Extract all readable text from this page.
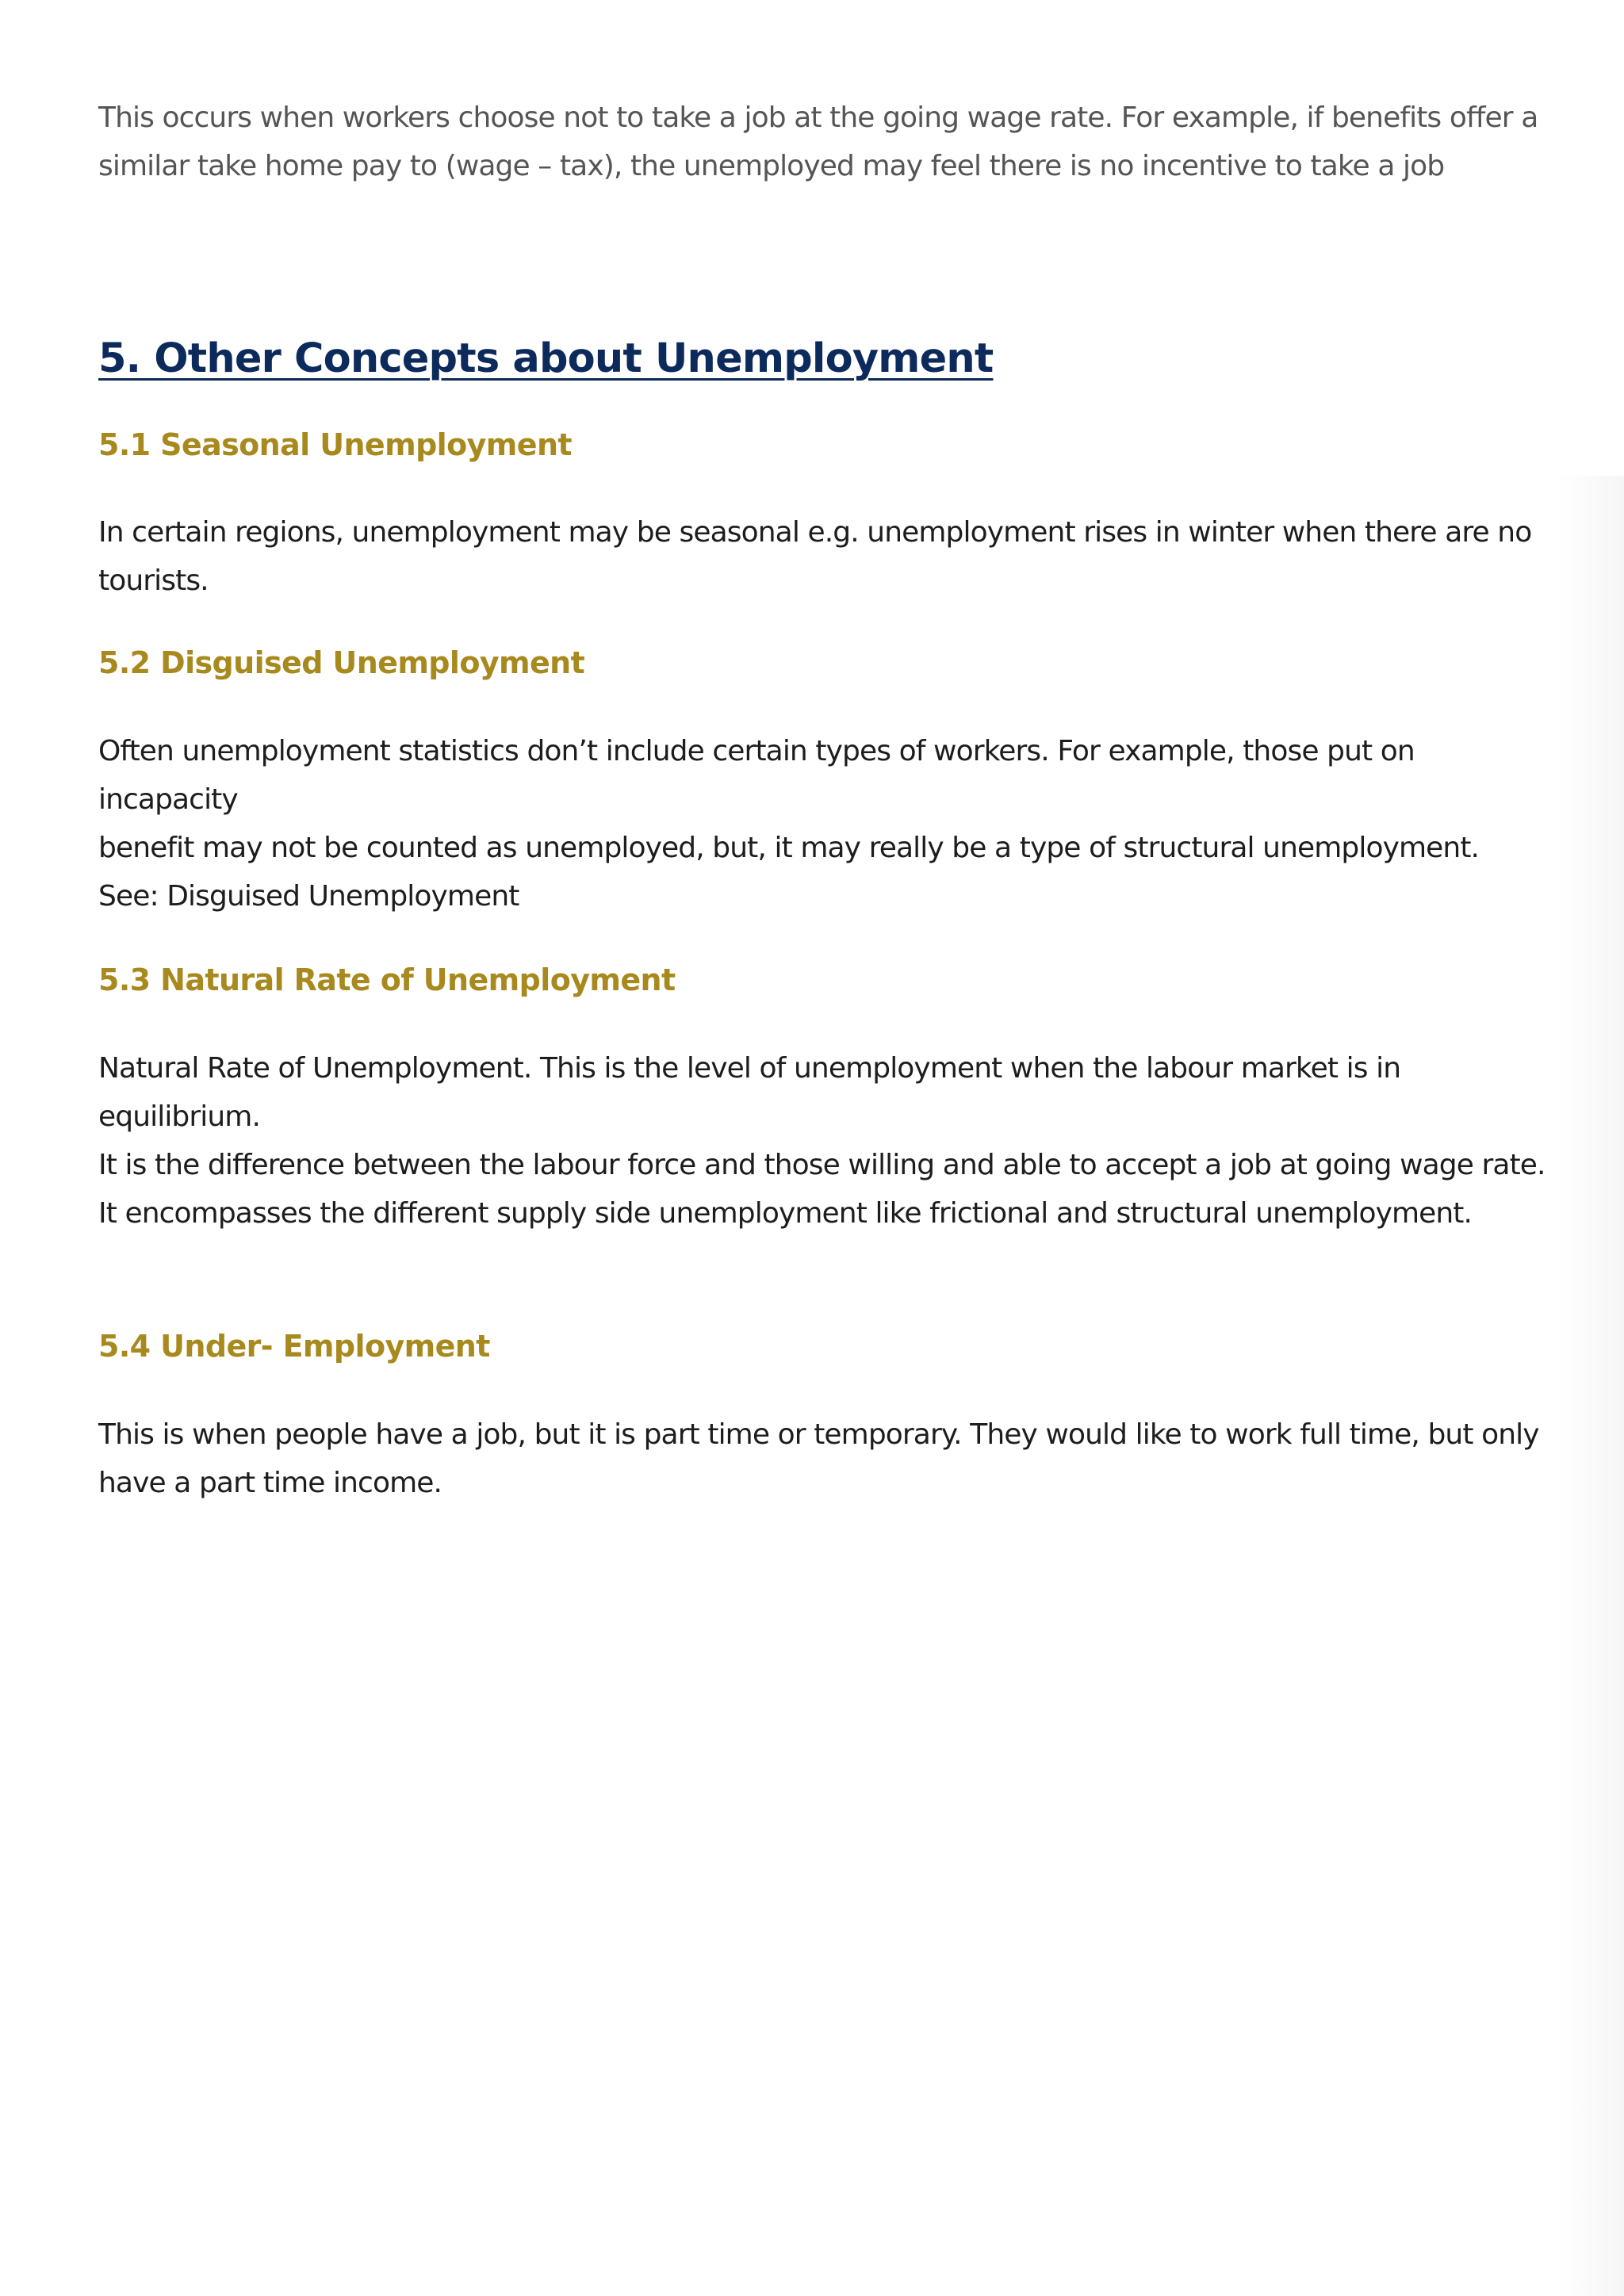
This occurs when workers choose not to take a job at the going wage rate. For example, if benefits offer a
similar take home pay to (wage – tax), the unemployed may feel there is no incentive to take a job

5. Other Concepts about Unemployment
5.1 Seasonal Unemployment

In certain regions, unemployment may be seasonal e.g. unemployment rises in winter when there are no
tourists.

5.2 Disguised Unemployment

Often unemployment statistics don’t include certain types of workers. For example, those put on incapacity
benefit may not be counted as unemployed, but, it may really be a type of structural unemployment.
See: Disguised Unemployment

5.3 Natural Rate of Unemployment

Natural Rate of Unemployment. This is the level of unemployment when the labour market is in equilibrium.
It is the difference between the labour force and those willing and able to accept a job at going wage rate.
It encompasses the different supply side unemployment like frictional and structural unemployment.

5.4 Under- Employment

This is when people have a job, but it is part time or temporary. They would like to work full time, but only
have a part time income.
